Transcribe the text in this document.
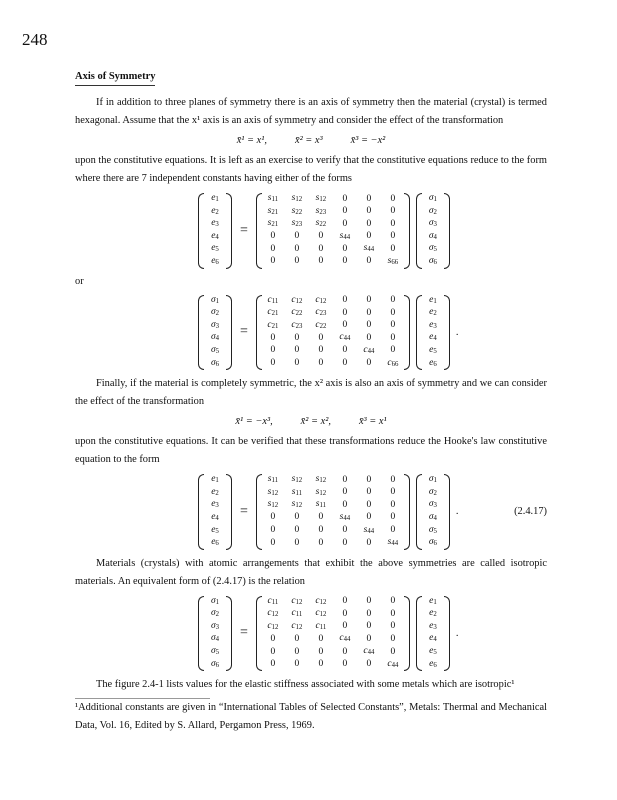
248
Axis of Symmetry

If in addition to three planes of symmetry there is an axis of symmetry then the material (crystal) is termed hexagonal. Assume that the x¹ axis is an axis of symmetry and consider the effect of the transformation

x̄¹ = x¹,	x̄² = x³	x̄³ = −x²

upon the constitutive equations. It is left as an exercise to verify that the constitutive equations reduce to the form where there are 7 independent constants having either of the forms

$e_1$
$e_2$
$e_3$
$e_4$
$e_5$
$e_6$
=
$s_{11}$	$s_{12}$	$s_{12}$	0	0	0
$s_{21}$	$s_{22}$	$s_{23}$	0	0	0
$s_{21}$	$s_{23}$	$s_{22}$	0	0	0
0	0	0	$s_{44}$	0	0
0	0	0	0	$s_{44}$	0
0	0	0	0	0	$s_{66}$
$\sigma_1$
$\sigma_2$
$\sigma_3$
$\sigma_4$
$\sigma_5$
$\sigma_6$
or
$\sigma_1$
$\sigma_2$
$\sigma_3$
$\sigma_4$
$\sigma_5$
$\sigma_6$
=
$c_{11}$	$c_{12}$	$c_{12}$	0	0	0
$c_{21}$	$c_{22}$	$c_{23}$	0	0	0
$c_{21}$	$c_{23}$	$c_{22}$	0	0	0
0	0	0	$c_{44}$	0	0
0	0	0	0	$c_{44}$	0
0	0	0	0	0	$c_{66}$
$e_1$
$e_2$
$e_3$
$e_4$
$e_5$
$e_6$
.

Finally, if the material is completely symmetric, the x² axis is also an axis of symmetry and we can consider the effect of the transformation

x̄¹ = −x³,	x̄² = x²,	x̄³ = x¹

upon the constitutive equations. It can be verified that these transformations reduce the Hooke's law constitutive equation to the form

$e_1$
$e_2$
$e_3$
$e_4$
$e_5$
$e_6$
=
$s_{11}$	$s_{12}$	$s_{12}$	0	0	0
$s_{12}$	$s_{11}$	$s_{12}$	0	0	0
$s_{12}$	$s_{12}$	$s_{11}$	0	0	0
0	0	0	$s_{44}$	0	0
0	0	0	0	$s_{44}$	0
0	0	0	0	0	$s_{44}$
$\sigma_1$
$\sigma_2$
$\sigma_3$
$\sigma_4$
$\sigma_5$
$\sigma_6$
.	(2.4.17)

Materials (crystals) with atomic arrangements that exhibit the above symmetries are called isotropic materials. An equivalent form of (2.4.17) is the relation

$\sigma_1$
$\sigma_2$
$\sigma_3$
$\sigma_4$
$\sigma_5$
$\sigma_6$
=
$c_{11}$	$c_{12}$	$c_{12}$	0	0	0
$c_{12}$	$c_{11}$	$c_{12}$	0	0	0
$c_{12}$	$c_{12}$	$c_{11}$	0	0	0
0	0	0	$c_{44}$	0	0
0	0	0	0	$c_{44}$	0
0	0	0	0	0	$c_{44}$
$e_1$
$e_2$
$e_3$
$e_4$
$e_5$
$e_6$
.

The figure 2.4-1 lists values for the elastic stiffness associated with some metals which are isotropic¹

¹Additional constants are given in “International Tables of Selected Constants”, Metals: Thermal and Mechanical Data, Vol. 16, Edited by S. Allard, Pergamon Press, 1969.
